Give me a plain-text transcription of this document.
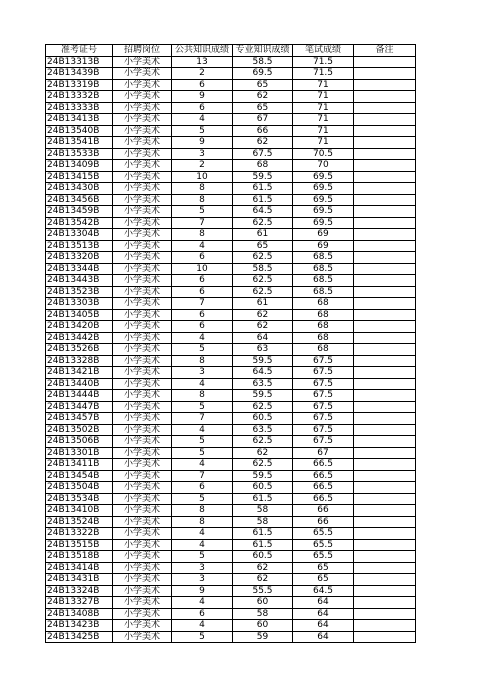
准考证号	招聘岗位	公共知识成绩	专业知识成绩	笔试成绩	备注
24B13313B	小学美术	13	58.5	71.5	
24B13439B	小学美术	2	69.5	71.5	
24B13319B	小学美术	6	65	71	
24B13332B	小学美术	9	62	71	
24B13333B	小学美术	6	65	71	
24B13413B	小学美术	4	67	71	
24B13540B	小学美术	5	66	71	
24B13541B	小学美术	9	62	71	
24B13533B	小学美术	3	67.5	70.5	
24B13409B	小学美术	2	68	70	
24B13415B	小学美术	10	59.5	69.5	
24B13430B	小学美术	8	61.5	69.5	
24B13456B	小学美术	8	61.5	69.5	
24B13459B	小学美术	5	64.5	69.5	
24B13542B	小学美术	7	62.5	69.5	
24B13304B	小学美术	8	61	69	
24B13513B	小学美术	4	65	69	
24B13320B	小学美术	6	62.5	68.5	
24B13344B	小学美术	10	58.5	68.5	
24B13443B	小学美术	6	62.5	68.5	
24B13523B	小学美术	6	62.5	68.5	
24B13303B	小学美术	7	61	68	
24B13405B	小学美术	6	62	68	
24B13420B	小学美术	6	62	68	
24B13442B	小学美术	4	64	68	
24B13526B	小学美术	5	63	68	
24B13328B	小学美术	8	59.5	67.5	
24B13421B	小学美术	3	64.5	67.5	
24B13440B	小学美术	4	63.5	67.5	
24B13444B	小学美术	8	59.5	67.5	
24B13447B	小学美术	5	62.5	67.5	
24B13457B	小学美术	7	60.5	67.5	
24B13502B	小学美术	4	63.5	67.5	
24B13506B	小学美术	5	62.5	67.5	
24B13301B	小学美术	5	62	67	
24B13411B	小学美术	4	62.5	66.5	
24B13454B	小学美术	7	59.5	66.5	
24B13504B	小学美术	6	60.5	66.5	
24B13534B	小学美术	5	61.5	66.5	
24B13410B	小学美术	8	58	66	
24B13524B	小学美术	8	58	66	
24B13322B	小学美术	4	61.5	65.5	
24B13515B	小学美术	4	61.5	65.5	
24B13518B	小学美术	5	60.5	65.5	
24B13414B	小学美术	3	62	65	
24B13431B	小学美术	3	62	65	
24B13324B	小学美术	9	55.5	64.5	
24B13327B	小学美术	4	60	64	
24B13408B	小学美术	6	58	64	
24B13423B	小学美术	4	60	64	
24B13425B	小学美术	5	59	64	
